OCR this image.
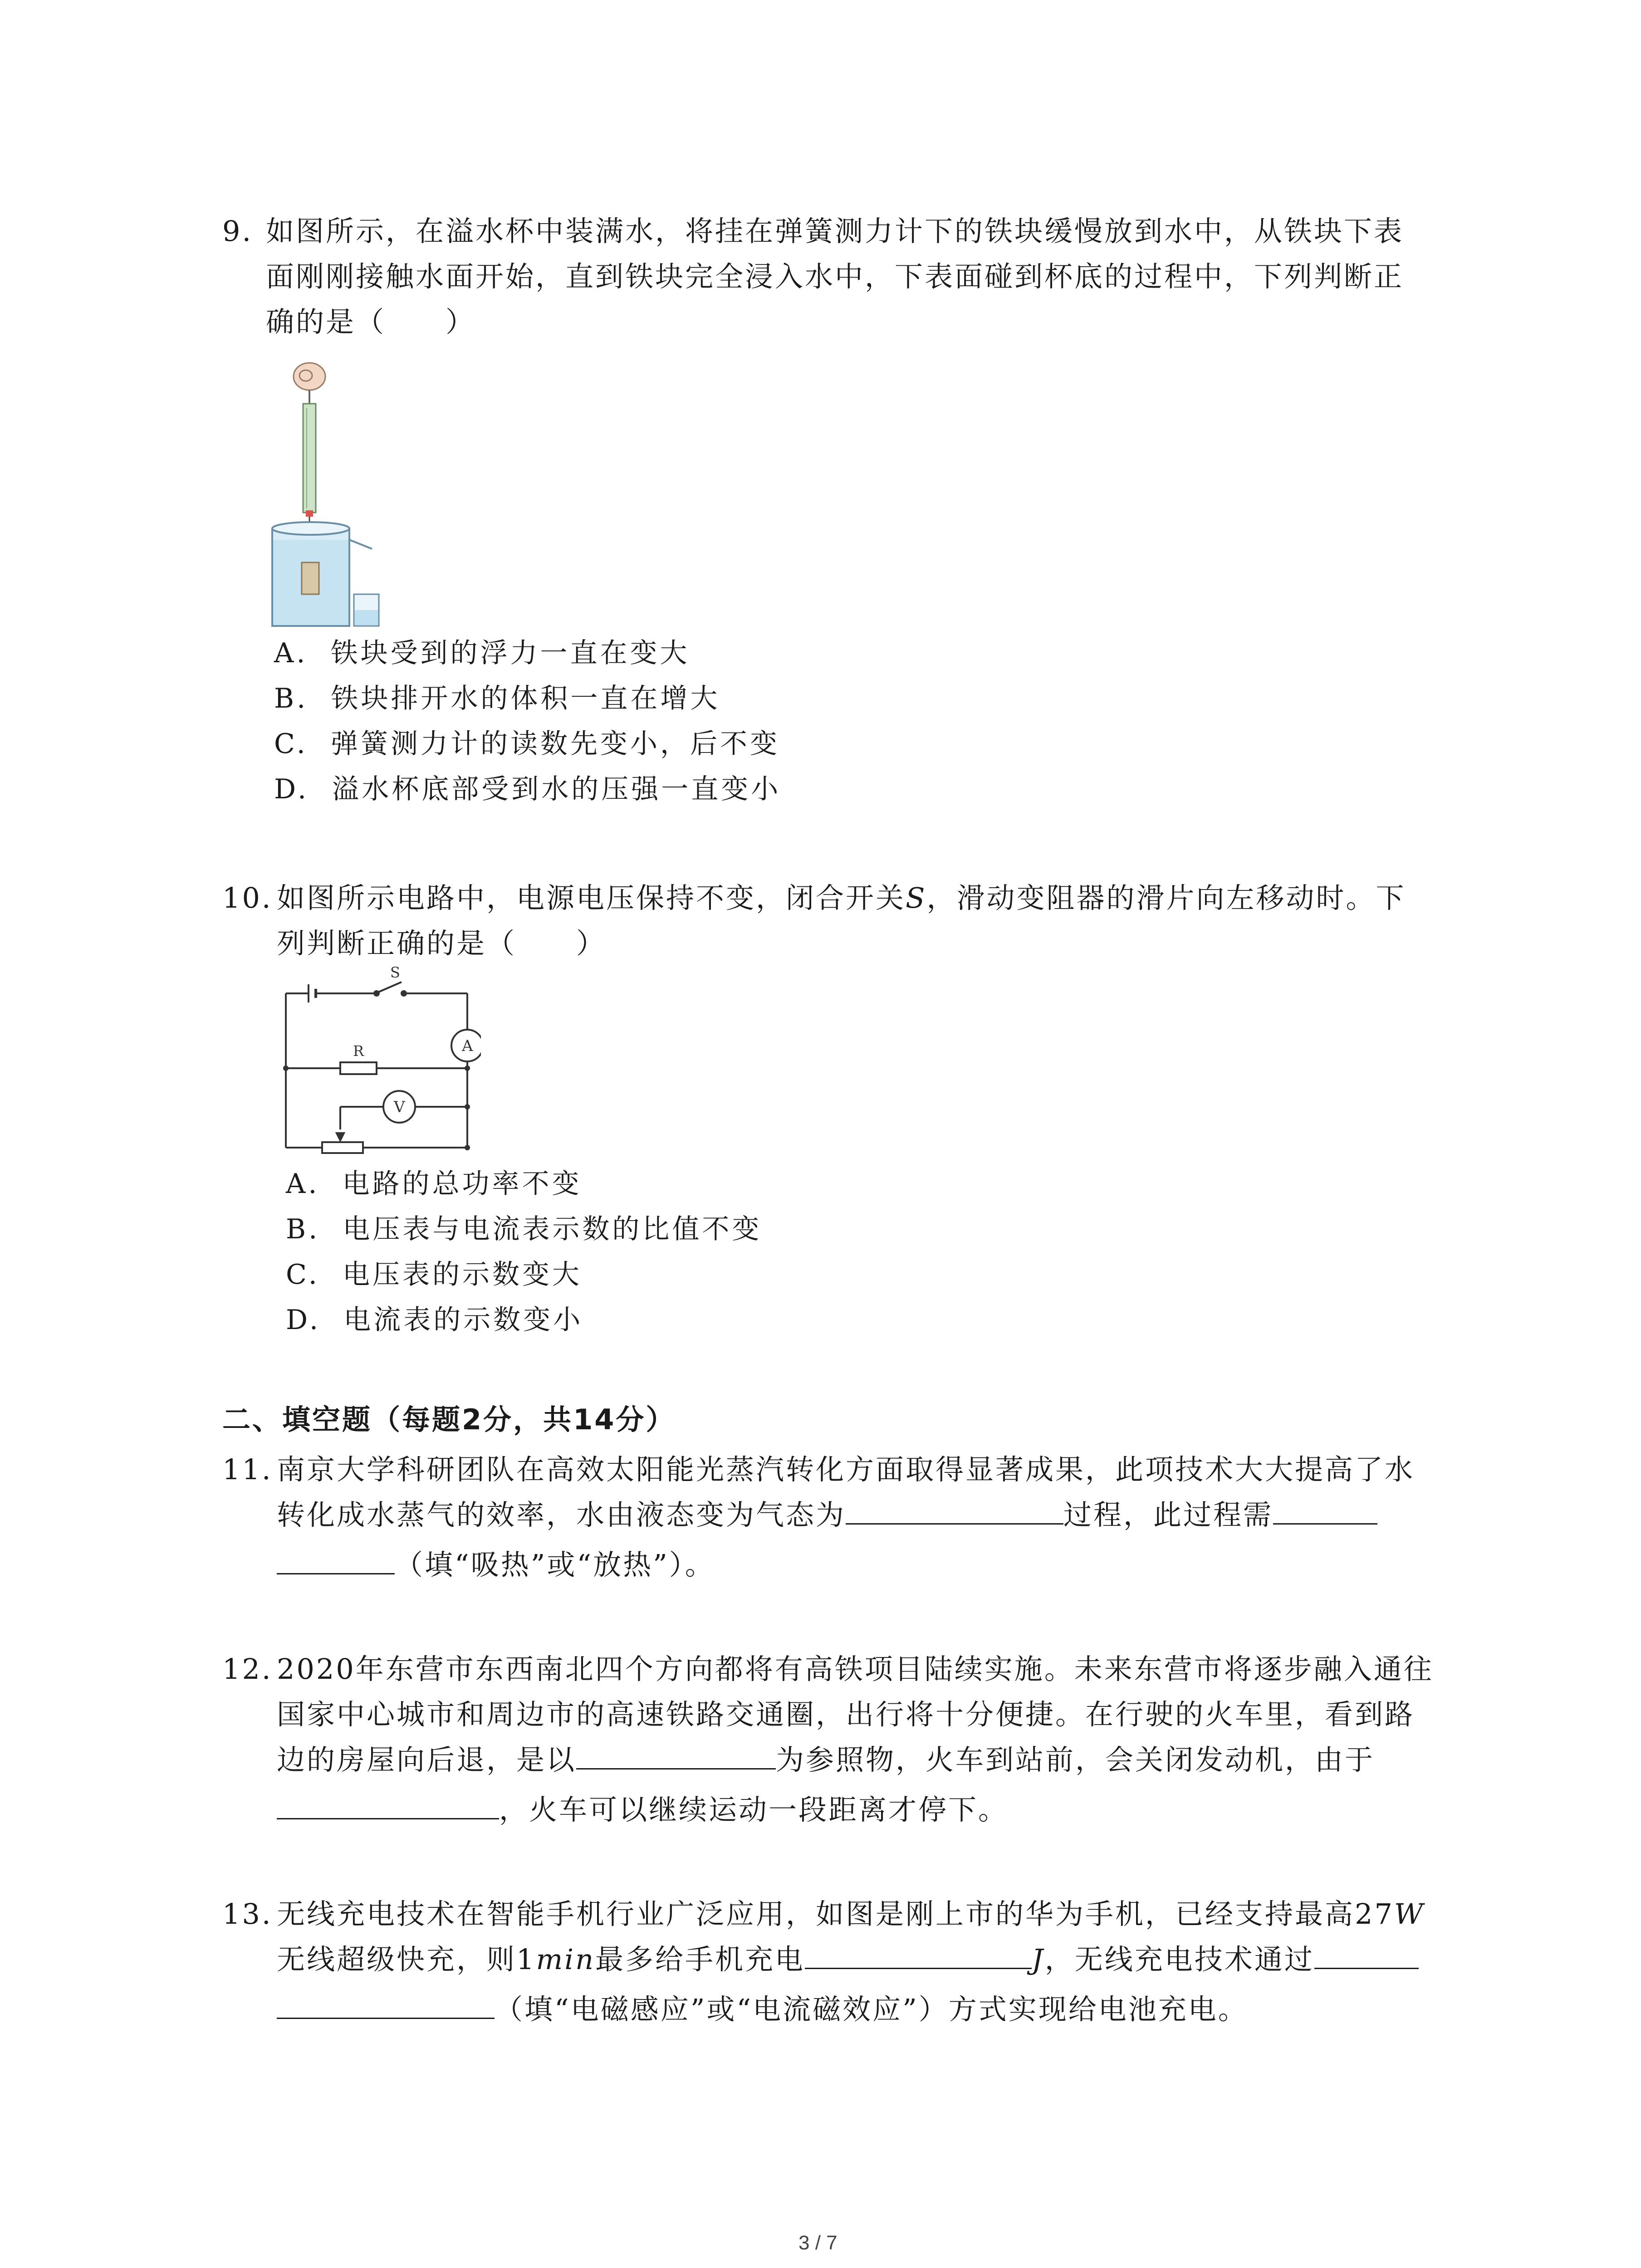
9. 如图所示，在溢水杯中装满水，将挂在弹簧测力计下的铁块缓慢放到水中，从铁块下表
面刚刚接触水面开始，直到铁块完全浸入水中，下表面碰到杯底的过程中，下列判断正
确的是（　　）
A. 铁块受到的浮力一直在变大
B. 铁块排开水的体积一直在增大
C. 弹簧测力计的读数先变小，后不变
D. 溢水杯底部受到水的压强一直变小
10. 如图所示电路中，电源电压保持不变，闭合开关S，滑动变阻器的滑片向左移动时。下
列判断正确的是（　　）
S
R	A
V
A. 电路的总功率不变
B. 电压表与电流表示数的比值不变
C. 电压表的示数变大
D. 电流表的示数变小
二、填空题（每题2分，共14分）
11. 南京大学科研团队在高效太阳能光蒸汽转化方面取得显著成果，此项技术大大提高了水
转化成水蒸气的效率，水由液态变为气态为	过程，此过程需
（填“吸热”或“放热”）。
12. 2020年东营市东西南北四个方向都将有高铁项目陆续实施。未来东营市将逐步融入通往
国家中心城市和周边市的高速铁路交通圈，出行将十分便捷。在行驶的火车里，看到路
边的房屋向后退，是以	为参照物，火车到站前，会关闭发动机，由于
，火车可以继续运动一段距离才停下。
13. 无线充电技术在智能手机行业广泛应用，如图是刚上市的华为手机，已经支持最高27W
无线超级快充，则1min最多给手机充电	J，无线充电技术通过
（填“电磁感应”或“电流磁效应”）方式实现给电池充电。
3 / 7
